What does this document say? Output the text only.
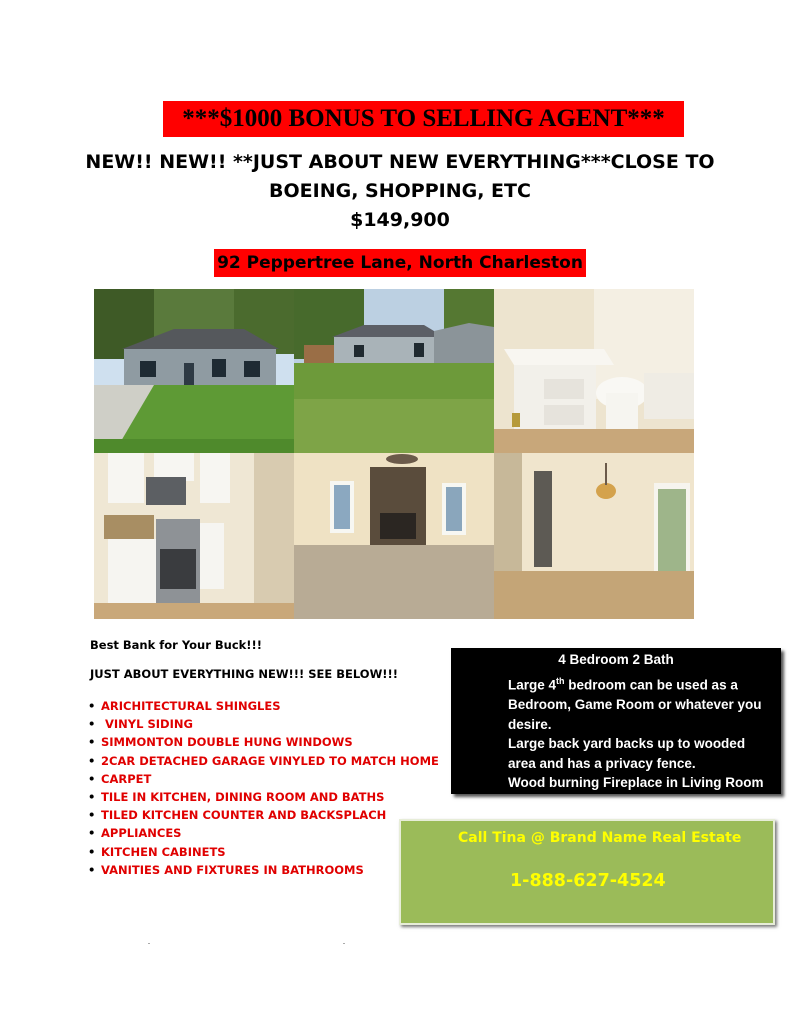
***$1000 BONUS TO SELLING AGENT***
NEW!! NEW!! **JUST ABOUT NEW EVERYTHING***CLOSE TO
BOEING, SHOPPING, ETC
$149,900
92 Peppertree Lane, North Charleston
Best Bank for Your Buck!!!
JUST ABOUT EVERYTHING NEW!!! SEE BELOW!!!
• ARICHITECTURAL SHINGLES
• VINYL SIDING
• SIMMONTON DOUBLE HUNG WINDOWS
• 2CAR DETACHED GARAGE VINYLED TO MATCH HOME
• CARPET
• TILE IN KITCHEN, DINING ROOM AND BATHS
• TILED KITCHEN COUNTER AND BACKSPLACH
• APPLIANCES
• KITCHEN CABINETS
• VANITIES AND FIXTURES IN BATHROOMS
4 Bedroom 2 Bath
Large 4th bedroom can be used as a
Bedroom, Game Room or whatever you
desire.
Large back yard backs up to wooded
area and has a privacy fence.
Wood burning Fireplace in Living Room
Call Tina @ Brand Name Real Estate
1-888-627-4524
